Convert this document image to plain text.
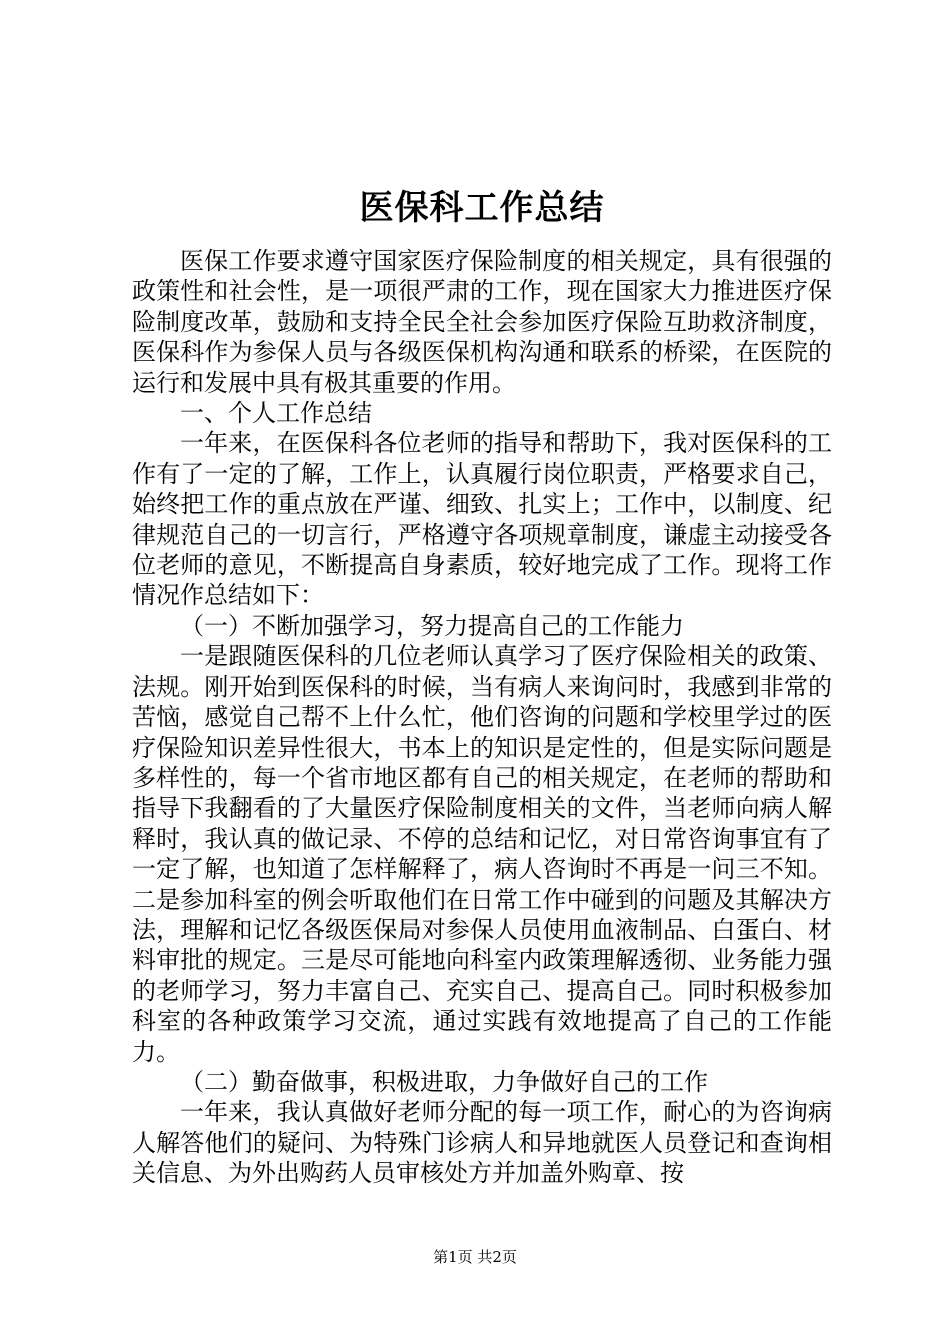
医保科工作总结

医保工作要求遵守国家医疗保险制度的相关规定，具有很强的政策性和社会性，是一项很严肃的工作，现在国家大力推进医疗保险制度改革，鼓励和支持全民全社会参加医疗保险互助救济制度，医保科作为参保人员与各级医保机构沟通和联系的桥梁，在医院的运行和发展中具有极其重要的作用。

一、个人工作总结

一年来，在医保科各位老师的指导和帮助下，我对医保科的工作有了一定的了解，工作上，认真履行岗位职责，严格要求自己，始终把工作的重点放在严谨、细致、扎实上；工作中，以制度、纪律规范自己的一切言行，严格遵守各项规章制度，谦虚主动接受各位老师的意见，不断提高自身素质，较好地完成了工作。现将工作情况作总结如下：

（一）不断加强学习，努力提高自己的工作能力

一是跟随医保科的几位老师认真学习了医疗保险相关的政策、法规。刚开始到医保科的时候，当有病人来询问时，我感到非常的苦恼，感觉自己帮不上什么忙，他们咨询的问题和学校里学过的医疗保险知识差异性很大，书本上的知识是定性的，但是实际问题是多样性的，每一个省市地区都有自己的相关规定，在老师的帮助和指导下我翻看的了大量医疗保险制度相关的文件，当老师向病人解释时，我认真的做记录、不停的总结和记忆，对日常咨询事宜有了一定了解，也知道了怎样解释了，病人咨询时不再是一问三不知。二是参加科室的例会听取他们在日常工作中碰到的问题及其解决方法，理解和记忆各级医保局对参保人员使用血液制品、白蛋白、材料审批的规定。三是尽可能地向科室内政策理解透彻、业务能力强的老师学习，努力丰富自己、充实自己、提高自己。同时积极参加科室的各种政策学习交流，通过实践有效地提高了自己的工作能力。

（二）勤奋做事，积极进取，力争做好自己的工作

一年来，我认真做好老师分配的每一项工作，耐心的为咨询病人解答他们的疑问、为特殊门诊病人和异地就医人员登记和查询相关信息、为外出购药人员审核处方并加盖外购章、按

第1页 共2页
